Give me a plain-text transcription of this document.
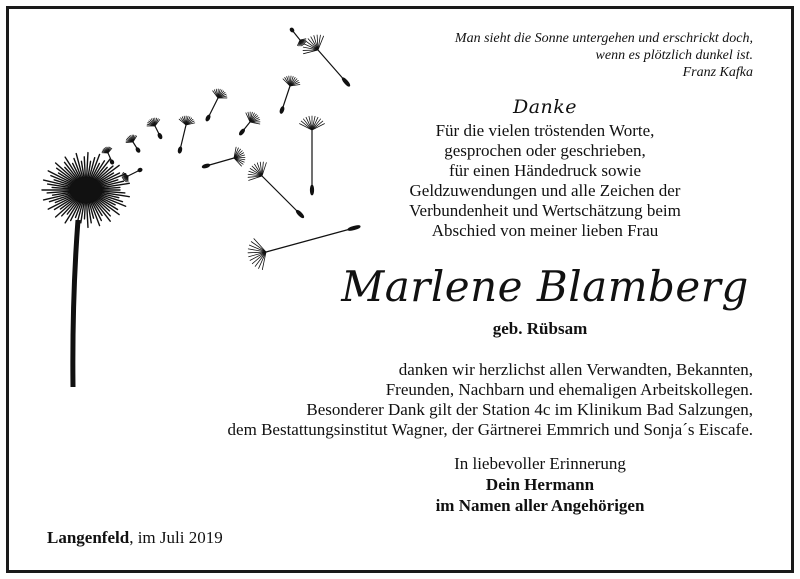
Man sieht die Sonne untergehen und erschrickt doch,
wenn es plötzlich dunkel ist.
Franz Kafka
Danke
Für die vielen tröstenden Worte,
gesprochen oder geschrieben,
für einen Händedruck sowie
Geldzuwendungen und alle Zeichen der
Verbundenheit und Wertschätzung beim
Abschied von meiner lieben Frau
Marlene Blamberg
geb. Rübsam
danken wir herzlichst allen Verwandten, Bekannten,
Freunden, Nachbarn und ehemaligen Arbeitskollegen.
Besonderer Dank gilt der Station 4c im Klinikum Bad Salzungen,
dem Bestattungsinstitut Wagner, der Gärtnerei Emmrich und Sonja´s Eiscafe.
In liebevoller Erinnerung
Dein Hermann
im Namen aller Angehörigen
Langenfeld, im Juli 2019
